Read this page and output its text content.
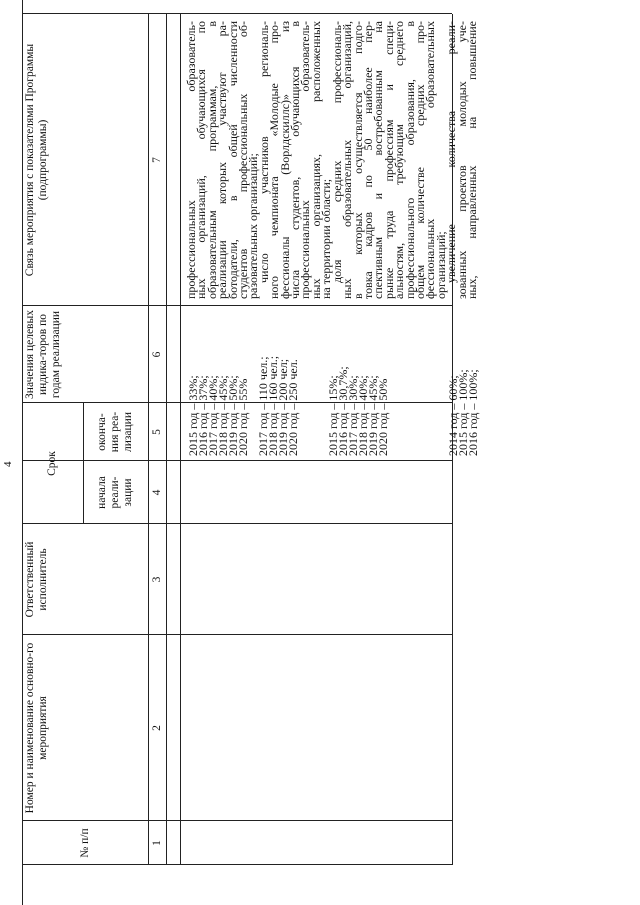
4
№ п/п
Номер и наименование основно-го мероприятия
Ответственный исполнитель
Срок
начала реали-зации
оконча-ния реа-лизации
Значения целевых индика-торов по годам реализации
Связь мероприятия с показателями Программы (подпрограммы)
1
2
3
4
5
6
7
2015 год – 33%;
2016 год – 37%;
2017 год – 40%;
2018 год – 45%;
2019 год – 50%;
2020 год – 55% 2017 год – 110 чел.;
2018 год – 160 чел.;
2019 год – 200 чел;
2020 год – 250 чел. 2015 год – 15%;
2016 год – 30,7%;
2017 год – 30%;
2018 год – 40%;
2019 год – 45%;
2020 год – 50%	2014 год – 60%;
2015 год – 100%;
2016 год – 100%;
профессиональных образователь-
ных организаций, обучающихся по
образовательным программам, в
реализации которых участвуют ра-
ботодатели, в общей численности
студентов профессиональных об-
разовательных организаций;
число участников региональ-
ного чемпионата «Молодые про-
фессионалы (Ворлдскиллс)» из
числа студентов, обучающихся в
профессиональных образователь-
ных организациях, расположенных
на территории области;
доля средних профессиональ-
ных образовательных организаций,
в которых осуществляется подго-
товка кадров по 50 наиболее пер-
спективным и востребованным на
рынке труда профессиям и специ-
альностям, требующим среднего
профессионального образования, в
общем количестве средних про-
фессиональных образовательных
организаций;
увеличение количества реали-
зованных проектов молодых уче-
ных, направленных на повышение
